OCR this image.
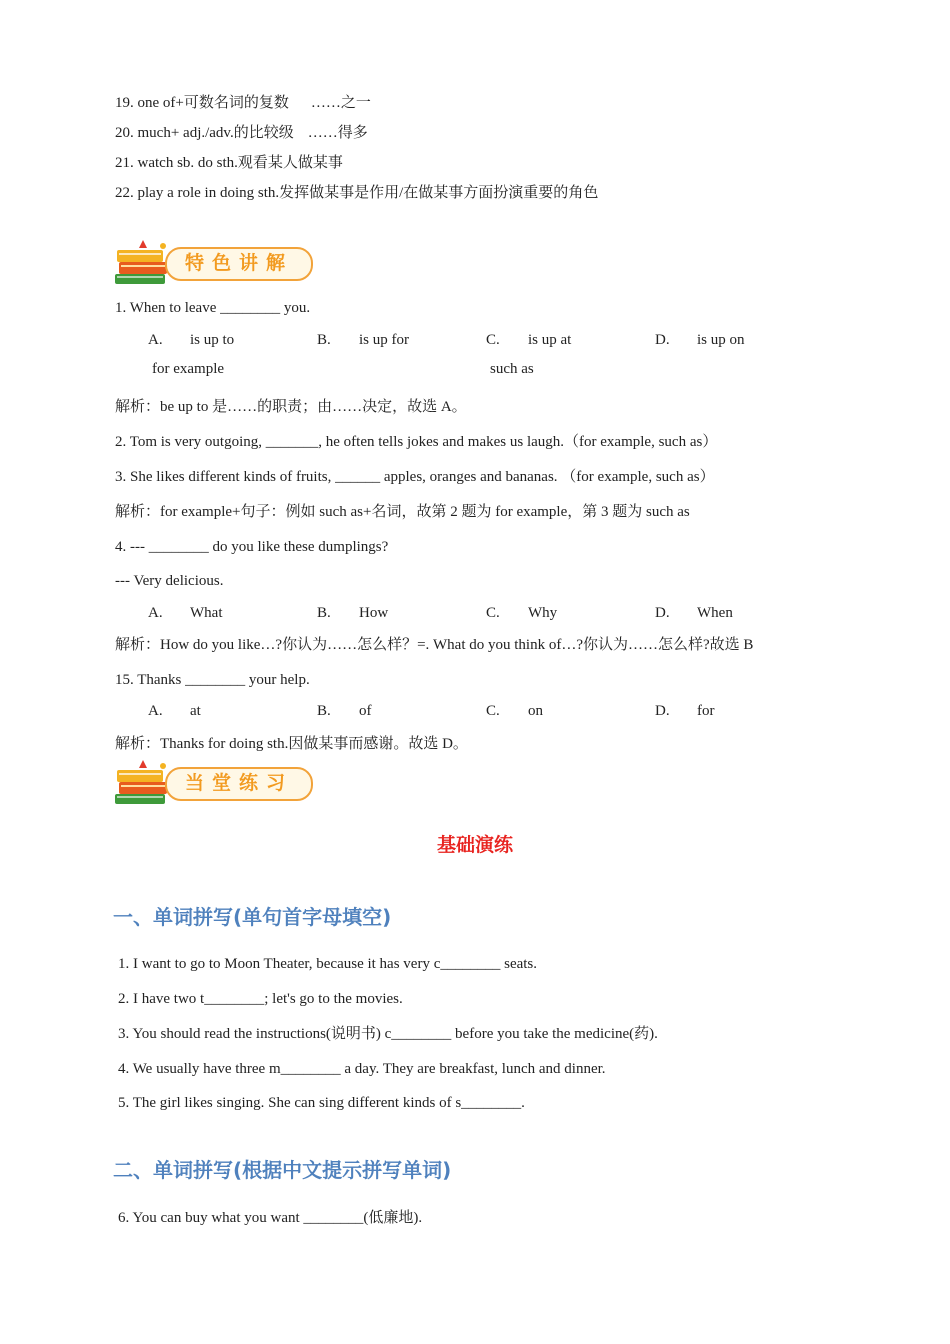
19. one of+可数名词的复数 ……之一
20. much+ adj./adv.的比较级 ……得多
21. watch sb. do sth.观看某人做某事
22. play a role in doing sth.发挥做某事是作用/在做某事方面扮演重要的角色
特色讲解
1. When to leave ________ you.
A. is up to	B. is up for	C. is up at	D. is up on
for example	such as
解析：be up to 是……的职责；由……决定，故选 A。
2. Tom is very outgoing, _______, he often tells jokes and makes us laugh.（for example, such as）
3. She likes different kinds of fruits, ______ apples, oranges and bananas. （for example, such as）
解析：for example+句子：例如 such as+名词，故第 2 题为 for example，第 3 题为 such as
4. --- ________ do you like these dumplings?
--- Very delicious.
A. What	B. How	C. Why	D. When
解析：How do you like…?你认为……怎么样？=. What do you think of…?你认为……怎么样?故选 B
15. Thanks ________ your help.
A. at	B. of	C. on	D. for
解析：Thanks for doing sth.因做某事而感谢。故选 D。
当堂练习
基础演练
一、单词拼写(单句首字母填空)
1. I want to go to Moon Theater, because it has very c________ seats.
2. I have two t________; let's go to the movies.
3. You should read the instructions(说明书) c________ before you take the medicine(药).
4. We usually have three m________ a day. They are breakfast, lunch and dinner.
5. The girl likes singing. She can sing different kinds of s________.
二、单词拼写(根据中文提示拼写单词)
6. You can buy what you want ________(低廉地).
